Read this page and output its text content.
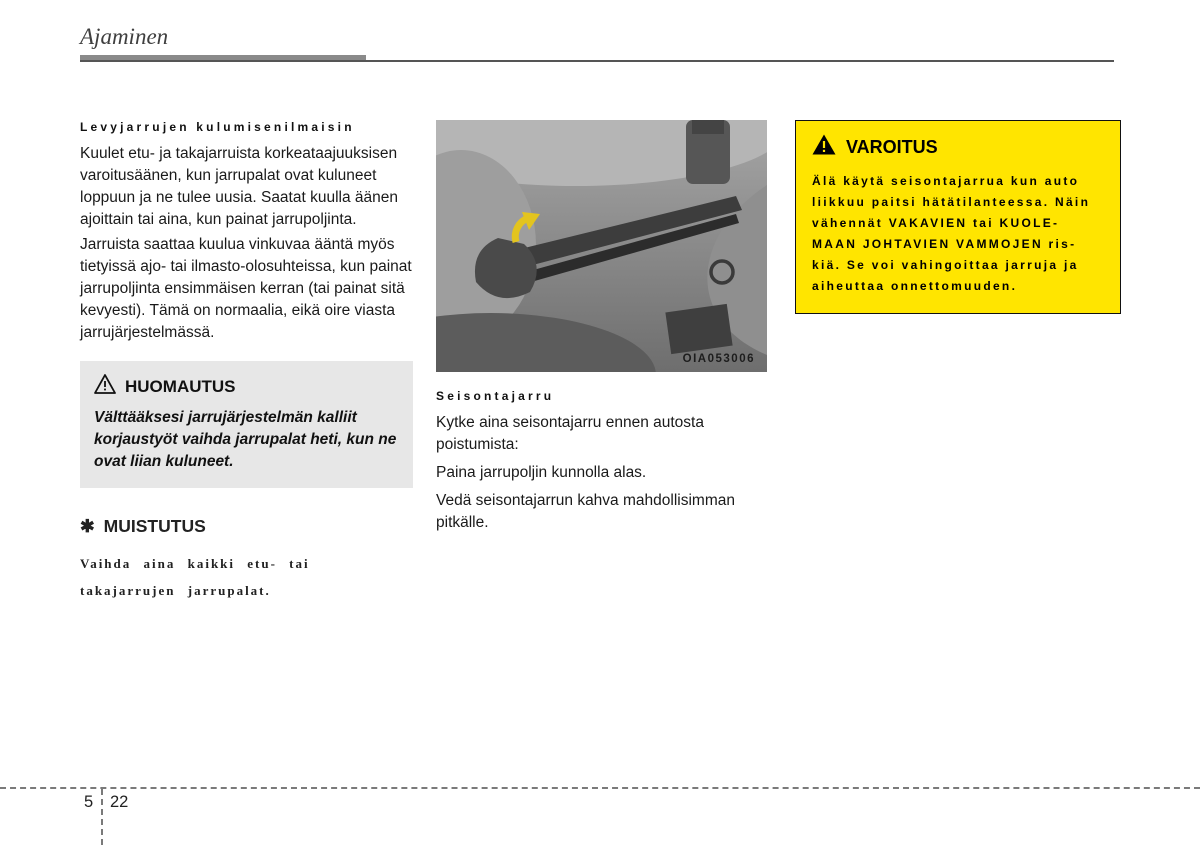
Ajaminen
Levyjarrujen kulumisenilmaisin

Kuulet etu- ja takajarruista korkeataajuuksisen varoitusäänen, kun jarrupalat ovat kuluneet loppuun ja ne tulee uusia. Saatat kuulla äänen ajoittain tai aina, kun painat jarrupoljinta.

Jarruista saattaa kuulua vinkuvaa ääntä myös tietyissä ajo- tai ilmasto-olosuhteissa, kun painat jarrupoljinta ensimmäisen kerran (tai painat sitä kevyesti). Tämä on normaalia, eikä oire viasta jarrujärjestelmässä.

HUOMAUTUS
Välttääksesi jarrujärjestelmän kalliit korjaustyöt vaihda jarrupalat heti, kun ne ovat liian kuluneet.
✱ MUISTUTUS
Vaihda aina kaikki etu- tai takajarrujen jarrupalat.
OIA053006
Seisontajarru

Kytke aina seisontajarru ennen autosta poistumista:

Paina jarrupoljin kunnolla alas.

Vedä seisontajarrun kahva mahdollisimman pitkälle.

VAROITUS
Älä käytä seisontajarrua kun auto
liikkuu paitsi hätätilanteessa. Näin
vähennät VAKAVIEN tai KUOLE-
MAAN JOHTAVIEN VAMMOJEN ris-
kiä. Se voi vahingoittaa jarruja ja
aiheuttaa onnettomuuden.
5 22
